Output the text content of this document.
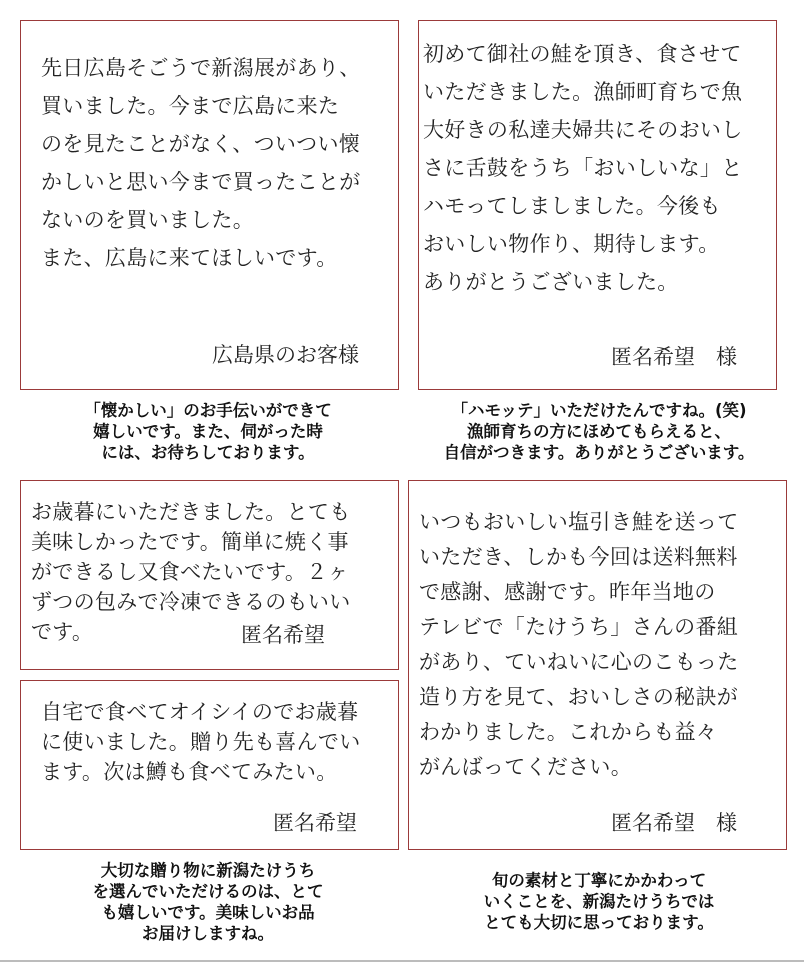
先日広島そごうで新潟展があり、
買いました。今まで広島に来た
のを見たことがなく、ついつい懐
かしいと思い今まで買ったことが
ないのを買いました。
また、広島に来てほしいです。

広島県のお客様

「懐かしい」のお手伝いができて
嬉しいです。また、伺がった時
には、お待ちしております。

初めて御社の鮭を頂き、食させて
いただきました。漁師町育ちで魚
大好きの私達夫婦共にそのおいし
さに舌鼓をうち「おいしいな」と
ハモってしましました。今後も
おいしい物作り、期待します。
ありがとうございました。

匿名希望　様

「ハモッテ」いただけたんですね。(笑)
漁師育ちの方にほめてもらえると、
自信がつきます。ありがとうございます。

お歳暮にいただきました。とても
美味しかったです。簡単に焼く事
ができるし又食べたいです。２ヶ
ずつの包みで冷凍できるのもいい
です。	匿名希望

自宅で食べてオイシイのでお歳暮
に使いました。贈り先も喜んでい
ます。次は鱒も食べてみたい。

匿名希望

いつもおいしい塩引き鮭を送って
いただき、しかも今回は送料無料
で感謝、感謝です。昨年当地の
テレビで「たけうち」さんの番組
があり、ていねいに心のこもった
造り方を見て、おいしさの秘訣が
わかりました。これからも益々
がんばってください。

匿名希望　様

大切な贈り物に新潟たけうち
を選んでいただけるのは、とて
も嬉しいです。美味しいお品
お届けしますね。

旬の素材と丁寧にかかわって
いくことを、新潟たけうちでは
とても大切に思っております。
